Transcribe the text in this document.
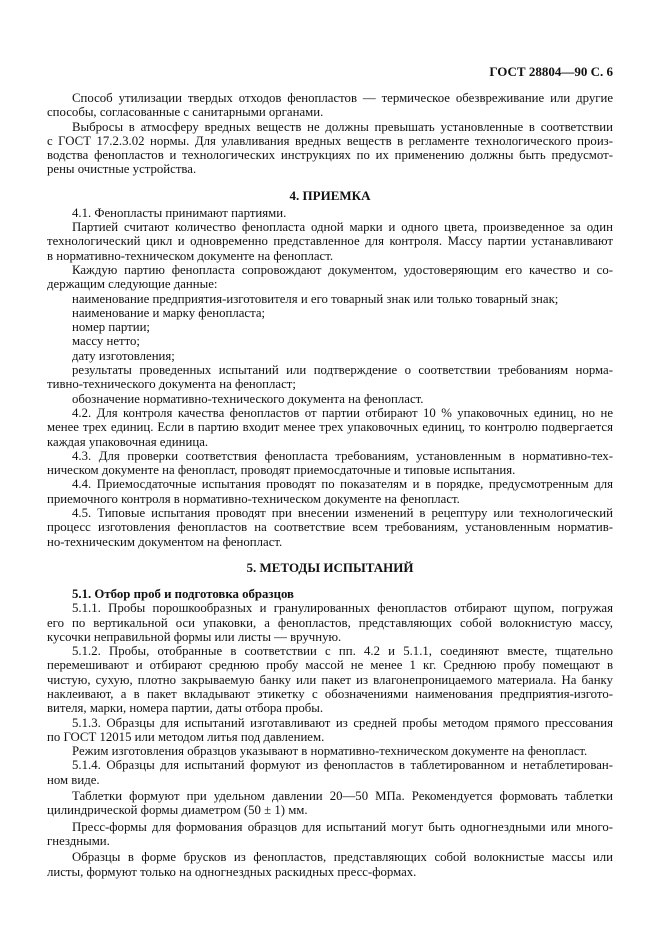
ГОСТ 28804—90 С. 6
Способ утилизации твердых отходов фенопластов — термическое обезвреживание или другие
способы, согласованные с санитарными органами.
Выбросы в атмосферу вредных веществ не должны превышать установленные в соответствии
с ГОСТ 17.2.3.02 нормы. Для улавливания вредных веществ в регламенте технологического произ-
водства фенопластов и технологических инструкциях по их применению должны быть предусмот-
рены очистные устройства.
4. ПРИЕМКА
4.1. Фенопласты принимают партиями.
Партией считают количество фенопласта одной марки и одного цвета, произведенное за один
технологический цикл и одновременно представленное для контроля. Массу партии устанавливают
в нормативно-техническом документе на фенопласт.
Каждую партию фенопласта сопровождают документом, удостоверяющим его качество и со-
держащим следующие данные:
наименование предприятия-изготовителя и его товарный знак или только товарный знак;
наименование и марку фенопласта;
номер партии;
массу нетто;
дату изготовления;
результаты проведенных испытаний или подтверждение о соответствии требованиям норма-
тивно-технического документа на фенопласт;
обозначение нормативно-технического документа на фенопласт.
4.2. Для контроля качества фенопластов от партии отбирают 10 % упаковочных единиц, но не
менее трех единиц. Если в партию входит менее трех упаковочных единиц, то контролю подвергается
каждая упаковочная единица.
4.3. Для проверки соответствия фенопласта требованиям, установленным в нормативно-тех-
ническом документе на фенопласт, проводят приемосдаточные и типовые испытания.
4.4. Приемосдаточные испытания проводят по показателям и в порядке, предусмотренным для
приемочного контроля в нормативно-техническом документе на фенопласт.
4.5. Типовые испытания проводят при внесении изменений в рецептуру или технологический
процесс изготовления фенопластов на соответствие всем требованиям, установленным норматив-
но-техническим документом на фенопласт.
5. МЕТОДЫ ИСПЫТАНИЙ
5.1. Отбор проб и подготовка образцов
5.1.1. Пробы порошкообразных и гранулированных фенопластов отбирают щупом, погружая
его по вертикальной оси упаковки, а фенопластов, представляющих собой волокнистую массу,
кусочки неправильной формы или листы — вручную.
5.1.2. Пробы, отобранные в соответствии с пп. 4.2 и 5.1.1, соединяют вместе, тщательно
перемешивают и отбирают среднюю пробу массой не менее 1 кг. Среднюю пробу помещают в
чистую, сухую, плотно закрываемую банку или пакет из влагонепроницаемого материала. На банку
наклеивают, а в пакет вкладывают этикетку с обозначениями наименования предприятия-изгото-
вителя, марки, номера партии, даты отбора пробы.
5.1.3. Образцы для испытаний изготавливают из средней пробы методом прямого прессования
по ГОСТ 12015 или методом литья под давлением.
Режим изготовления образцов указывают в нормативно-техническом документе на фенопласт.
5.1.4. Образцы для испытаний формуют из фенопластов в таблетированном и нетаблетирован-
ном виде.
Таблетки формуют при удельном давлении 20—50 МПа. Рекомендуется формовать таблетки
цилиндрической формы диаметром (50 ± 1) мм.
Пресс-формы для формования образцов для испытаний могут быть одногнездными или много-
гнездными.
Образцы в форме брусков из фенопластов, представляющих собой волокнистые массы или
листы, формуют только на одногнездных раскидных пресс-формах.
